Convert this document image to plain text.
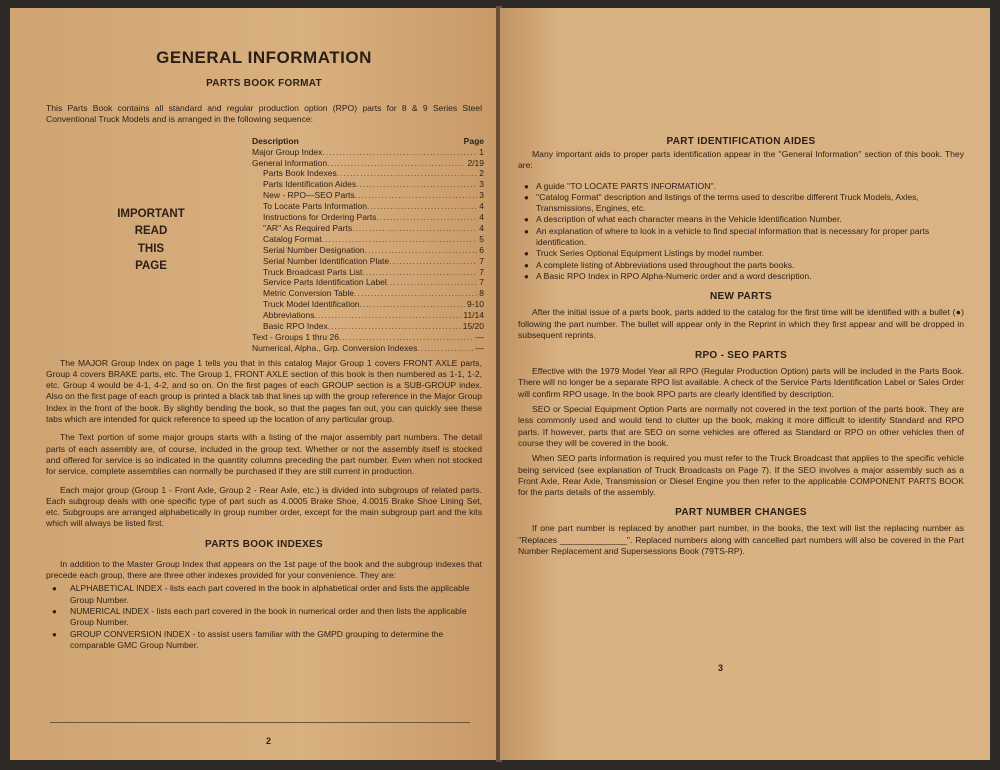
GENERAL INFORMATION
PARTS BOOK FORMAT

This Parts Book contains all standard and regular production option (RPO) parts for 8 & 9 Series Steel Conventional Truck Models and is arranged in the following sequence:

IMPORTANT
READ
THIS
PAGE
Description	Page
Major Group Index .....	1
General Information .....	2/19
Parts Book Indexes .....	2
Parts Identification Aides .....	3
New - RPO—SEO Parts .....	3
To Locate Parts Information .....	4
Instructions for Ordering Parts .....	4
''AR'' As Required Parts .....	4
Catalog Format .....	5
Serial Number Designation .....	6
Serial Number Identification Plate .....	7
Truck Broadcast Parts List .....	7
Service Parts Identification Label .....	7
Metric Conversion Table .....	8
Truck Model Identification .....	9-10
Abbreviations .....	11/14
Basic RPO Index .....	15/20
Text - Groups 1 thru 26 .....	—
Numerical, Alpha., Grp. Conversion Indexes .....	—

The MAJOR Group Index on page 1 tells you that in this catalog Major Group 1 covers FRONT AXLE parts, Group 4 covers BRAKE parts, etc. The Group 1, FRONT AXLE section of this book is then numbered as 1-1, 1-2, etc. Group 4 would be 4-1, 4-2, and so on. On the first pages of each GROUP section is a SUB-GROUP index. Also on the first page of each group is printed a black tab that lines up with the group reference in the Major Group Index in the front of the book. By slightly bending the book, so that the pages fan out, you can quickly see these tabs which are intended for quick reference to speed up the location of any particular group.

The Text portion of some major groups starts with a listing of the major assembly part numbers. The detail parts of each assembly are, of course, included in the group text. Whether or not the assembly itself is stocked and offered for service is so indicated in the quantity columns preceding the part number. Even when not stocked for service, complete assemblies can normally be purchased if they are still current in production.

Each major group (Group 1 - Front Axle, Group 2 - Rear Axle, etc.) is divided into subgroups of related parts. Each subgroup deals with one specific type of part such as 4.0005 Brake Shoe, 4.0015 Brake Shoe Lining Set, etc. Subgroups are arranged alphabetically in group number order, except for the main subgroup part and the kits which will always be listed first.

PARTS BOOK INDEXES

In addition to the Master Group Index that appears on the 1st page of the book and the subgroup indexes that precede each group, there are three other indexes provided for your convenience. They are:

● ALPHABETICAL INDEX - lists each part covered in the book in alphabetical order and lists the applicable Group Number.
● NUMERICAL INDEX - lists each part covered in the book in numerical order and then lists the applicable Group Number.
● GROUP CONVERSION INDEX - to assist users familiar with the GMPD grouping to determine the comparable GMC Group Number.
2
PART IDENTIFICATION AIDES

Many important aids to proper parts identification appear in the ''General Information'' section of this book. They are:

● A guide ''TO LOCATE PARTS INFORMATION''.
● ''Catalog Format'' description and listings of the terms used to describe different Truck Models, Axles, Transmissions, Engines, etc.
● A description of what each character means in the Vehicle Identification Number.
● An explanation of where to look in a vehicle to find special information that is necessary for proper parts identification.
● Truck Series Optional Equipment Listings by model number.
● A complete listing of Abbreviations used throughout the parts books.
● A Basic RPO Index in RPO Alpha-Numeric order and a word description.
NEW PARTS

After the initial issue of a parts book, parts added to the catalog for the first time will be identified with a bullet (●) following the part number. The bullet will appear only in the Reprint in which they first appear and will be dropped in subsequent reprints.

RPO - SEO PARTS

Effective with the 1979 Model Year all RPO (Regular Production Option) parts will be included in the Parts Book. There will no longer be a separate RPO list available. A check of the Service Parts Identification Label or Sales Order will confirm RPO usage. In the book RPO parts are clearly identified by description.

SEO or Special Equipment Option Parts are normally not covered in the text portion of the parts book. They are less commonly used and would tend to clutter up the book, making it more difficult to identify Standard and RPO parts. If however, parts that are SEO on some vehicles are offered as Standard or RPO on other vehicles then of course they will be covered in the book.

When SEO parts information is required you must refer to the Truck Broadcast that applies to the specific vehicle being serviced (see explanation of Truck Broadcasts on Page 7). If the SEO involves a major assembly such as a Front Axle, Rear Axle, Transmission or Diesel Engine you then refer to the applicable COMPONENT PARTS BOOK for the parts details of the assembly.

PART NUMBER CHANGES

If one part number is replaced by another part number, in the books, the text will list the replacing number as ''Replaces ______________''. Replaced numbers along with cancelled part numbers will also be covered in the Part Number Replacement and Supersessions Book (79TS-RP).

3
